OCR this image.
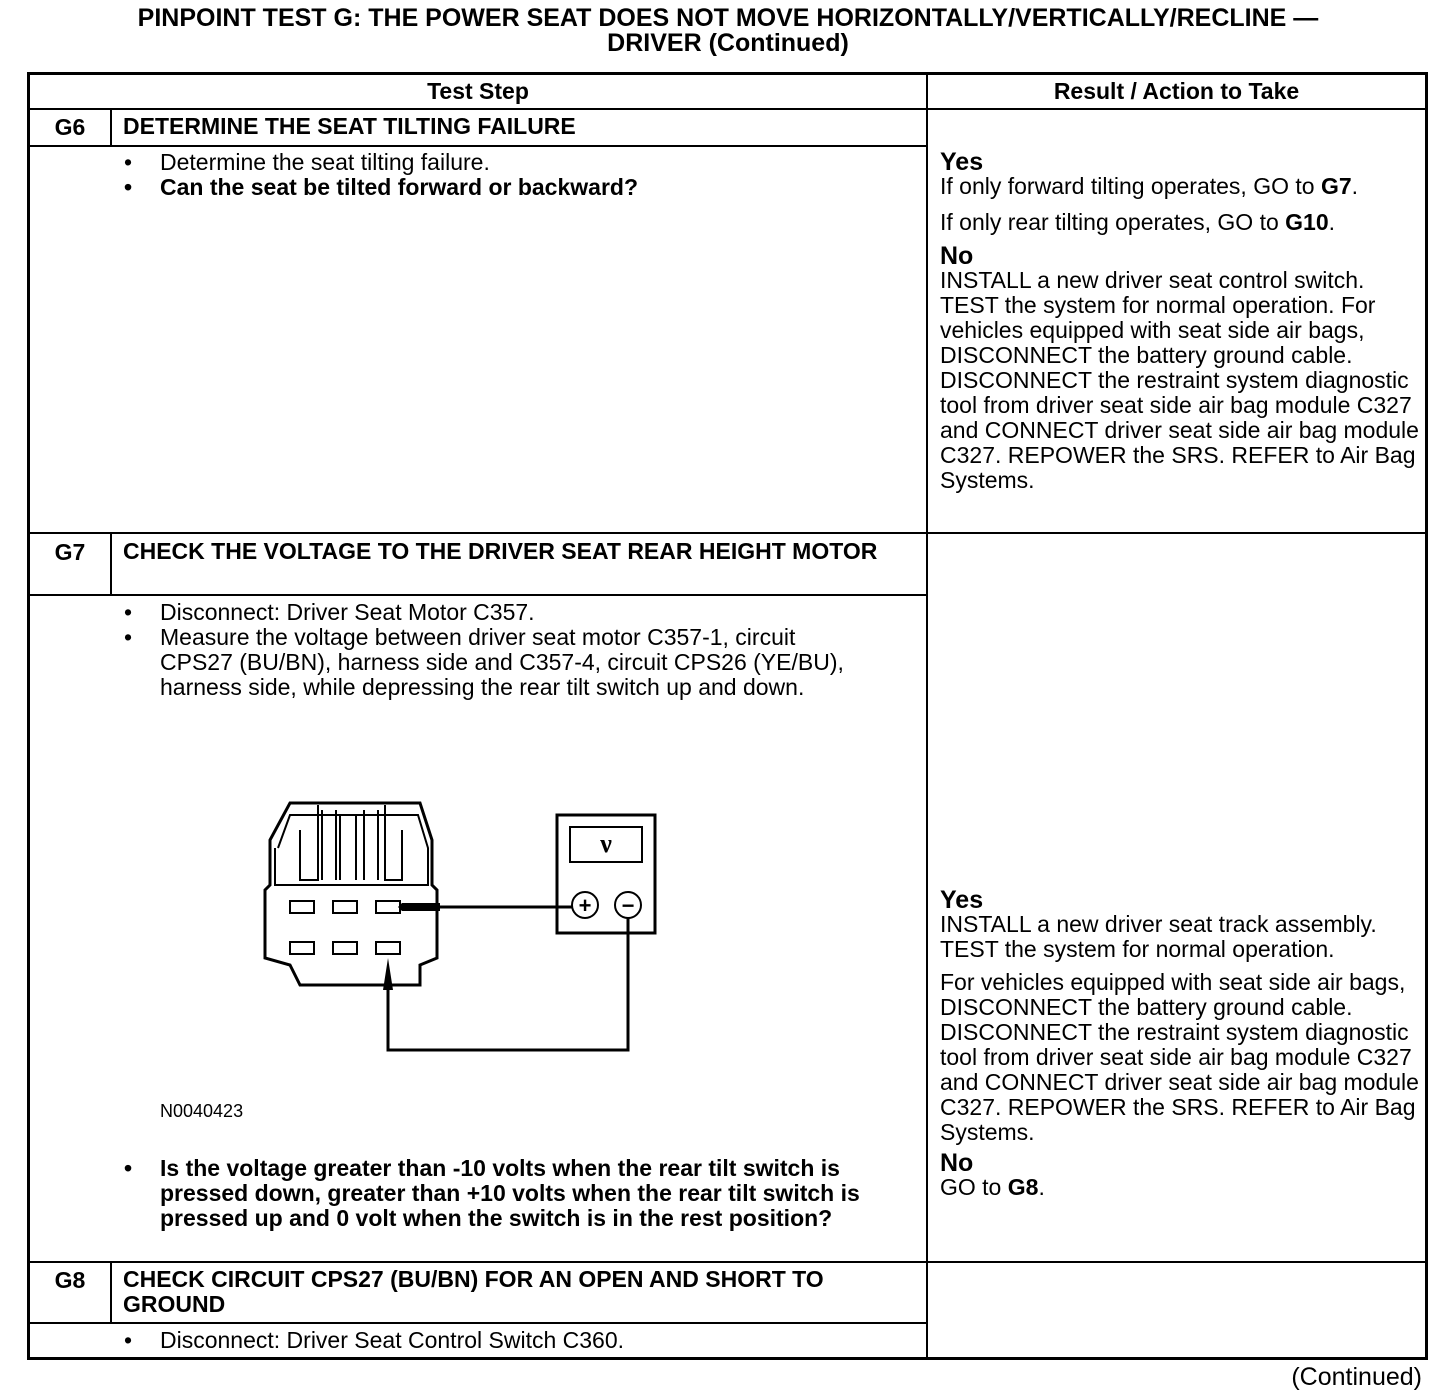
PINPOINT TEST G: THE POWER SEAT DOES NOT MOVE HORIZONTALLY/VERTICALLY/RECLINE —
DRIVER (Continued)
Test Step	Result / Action to Take
G6	DETERMINE THE SEAT TILTING FAILURE
• Determine the seat tilting failure.
• Can the seat be tilted forward or backward?
Yes

If only forward tilting operates, GO to G7.

If only rear tilting operates, GO to G10.

No

INSTALL a new driver seat control switch. TEST the system for normal operation. For vehicles equipped with seat side air bags, DISCONNECT the battery ground cable. DISCONNECT the restraint system diagnostic tool from driver seat side air bag module C327 and CONNECT driver seat side air bag module C327. REPOWER the SRS. REFER to Air Bag Systems.

G7	CHECK THE VOLTAGE TO THE DRIVER SEAT REAR HEIGHT MOTOR
• Disconnect: Driver Seat Motor C357.
• Measure the voltage between driver seat motor C357-1, circuit CPS27 (BU/BN), harness side and C357-4, circuit CPS26 (YE/BU), harness side, while depressing the rear tilt switch up and down.
ν
+ −
N0040423
• Is the voltage greater than -10 volts when the rear tilt switch is pressed down, greater than +10 volts when the rear tilt switch is pressed up and 0 volt when the switch is in the rest position?
Yes

INSTALL a new driver seat track assembly. TEST the system for normal operation.

For vehicles equipped with seat side air bags, DISCONNECT the battery ground cable. DISCONNECT the restraint system diagnostic tool from driver seat side air bag module C327 and CONNECT driver seat side air bag module C327. REPOWER the SRS. REFER to Air Bag Systems.

No

GO to G8.

G8	CHECK CIRCUIT CPS27 (BU/BN) FOR AN OPEN AND SHORT TO GROUND
• Disconnect: Driver Seat Control Switch C360.
(Continued)
